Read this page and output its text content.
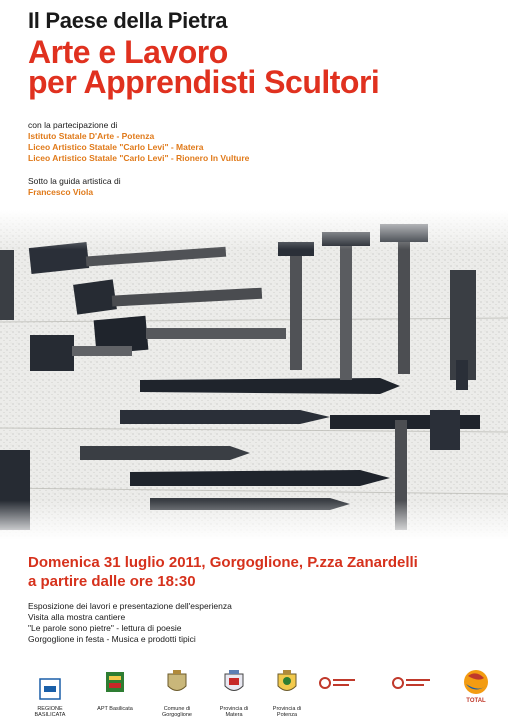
Il Paese della Pietra
Arte e Lavoro
per Apprendisti Scultori
con la partecipazione di
Istituto Statale D'Arte - Potenza
Liceo Artistico Statale "Carlo Levi" - Matera
Liceo Artistico Statale "Carlo Levi" - Rionero In Vulture
Sotto la guida artistica di
Francesco Viola
Domenica 31 luglio 2011, Gorgoglione, P.zza Zanardelli
a partire dalle ore 18:30
Esposizione dei lavori e presentazione dell'esperienza
Visita alla mostra cantiere
"Le parole sono pietre" - lettura di poesie
Gorgoglione in festa - Musica e prodotti tipici
REGIONE BASILICATA
APT Basilicata	Comune di Gorgoglione
Provincia di Matera
Provincia di Potenza
TOTAL
